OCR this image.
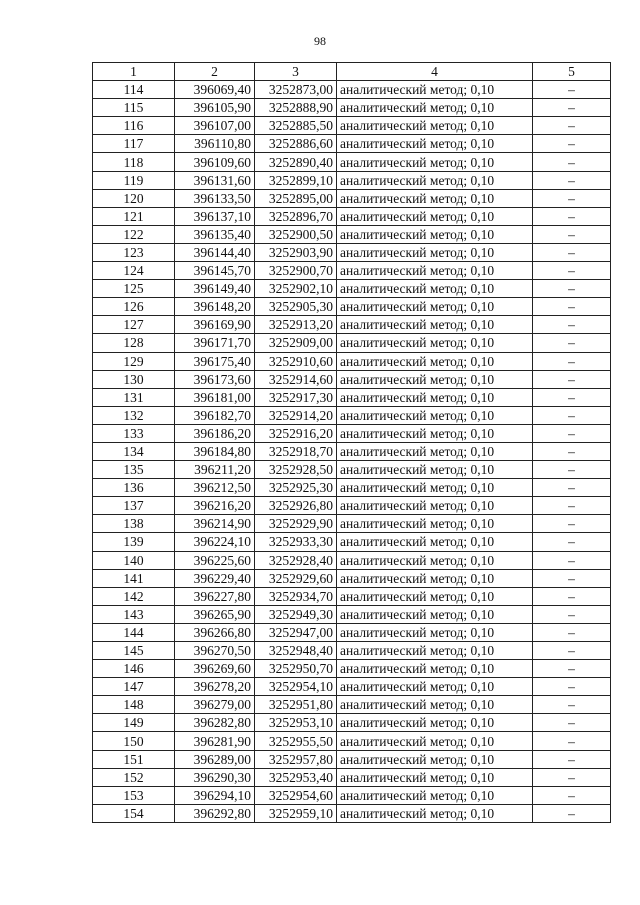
98
1	2	3	4	5
114	396069,40	3252873,00	аналитический метод; 0,10	–
115	396105,90	3252888,90	аналитический метод; 0,10	–
116	396107,00	3252885,50	аналитический метод; 0,10	–
117	396110,80	3252886,60	аналитический метод; 0,10	–
118	396109,60	3252890,40	аналитический метод; 0,10	–
119	396131,60	3252899,10	аналитический метод; 0,10	–
120	396133,50	3252895,00	аналитический метод; 0,10	–
121	396137,10	3252896,70	аналитический метод; 0,10	–
122	396135,40	3252900,50	аналитический метод; 0,10	–
123	396144,40	3252903,90	аналитический метод; 0,10	–
124	396145,70	3252900,70	аналитический метод; 0,10	–
125	396149,40	3252902,10	аналитический метод; 0,10	–
126	396148,20	3252905,30	аналитический метод; 0,10	–
127	396169,90	3252913,20	аналитический метод; 0,10	–
128	396171,70	3252909,00	аналитический метод; 0,10	–
129	396175,40	3252910,60	аналитический метод; 0,10	–
130	396173,60	3252914,60	аналитический метод; 0,10	–
131	396181,00	3252917,30	аналитический метод; 0,10	–
132	396182,70	3252914,20	аналитический метод; 0,10	–
133	396186,20	3252916,20	аналитический метод; 0,10	–
134	396184,80	3252918,70	аналитический метод; 0,10	–
135	396211,20	3252928,50	аналитический метод; 0,10	–
136	396212,50	3252925,30	аналитический метод; 0,10	–
137	396216,20	3252926,80	аналитический метод; 0,10	–
138	396214,90	3252929,90	аналитический метод; 0,10	–
139	396224,10	3252933,30	аналитический метод; 0,10	–
140	396225,60	3252928,40	аналитический метод; 0,10	–
141	396229,40	3252929,60	аналитический метод; 0,10	–
142	396227,80	3252934,70	аналитический метод; 0,10	–
143	396265,90	3252949,30	аналитический метод; 0,10	–
144	396266,80	3252947,00	аналитический метод; 0,10	–
145	396270,50	3252948,40	аналитический метод; 0,10	–
146	396269,60	3252950,70	аналитический метод; 0,10	–
147	396278,20	3252954,10	аналитический метод; 0,10	–
148	396279,00	3252951,80	аналитический метод; 0,10	–
149	396282,80	3252953,10	аналитический метод; 0,10	–
150	396281,90	3252955,50	аналитический метод; 0,10	–
151	396289,00	3252957,80	аналитический метод; 0,10	–
152	396290,30	3252953,40	аналитический метод; 0,10	–
153	396294,10	3252954,60	аналитический метод; 0,10	–
154	396292,80	3252959,10	аналитический метод; 0,10	–
